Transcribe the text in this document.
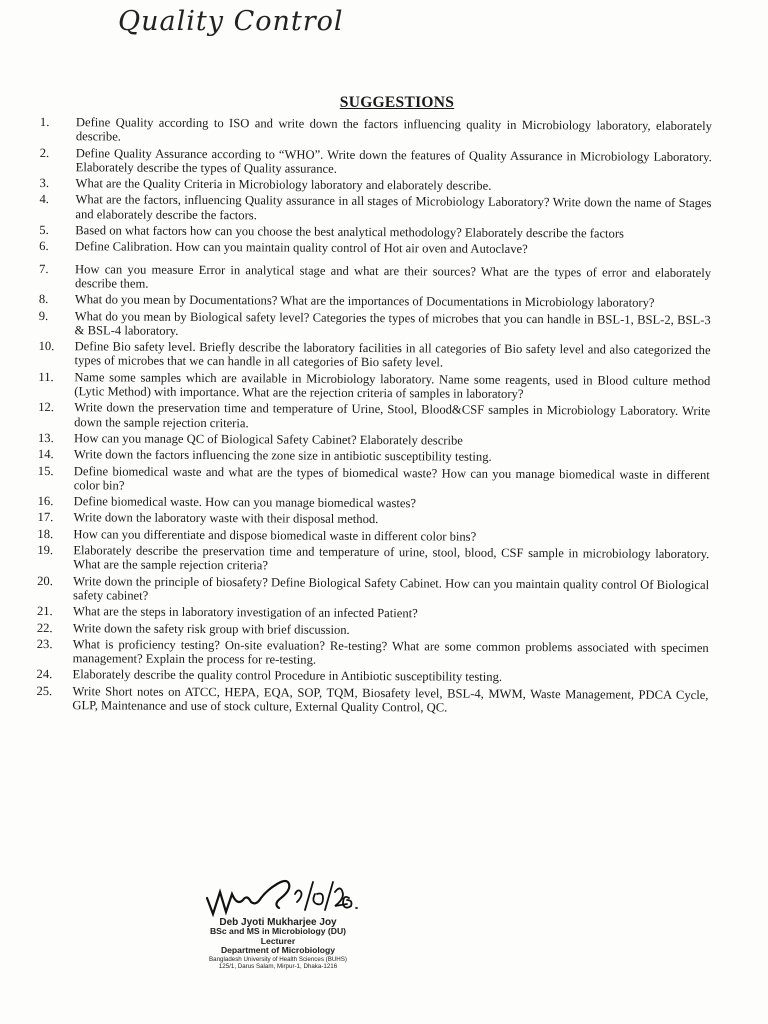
Quality Control
SUGGESTIONS
1.	Define Quality according to ISO and write down the factors influencing quality in Microbiology laboratory, elaborately describe.
2.	Define Quality Assurance according to “WHO”. Write down the features of Quality Assurance in Microbiology Laboratory. Elaborately describe the types of Quality assurance.
3.	What are the Quality Criteria in Microbiology laboratory and elaborately describe.
4.	What are the factors, influencing Quality assurance in all stages of Microbiology Laboratory? Write down the name of Stages and elaborately describe the factors.
5.	Based on what factors how can you choose the best analytical methodology? Elaborately describe the factors
6.	Define Calibration. How can you maintain quality control of Hot air oven and Autoclave?
7.	How can you measure Error in analytical stage and what are their sources? What are the types of error and elaborately describe them.
8.	What do you mean by Documentations? What are the importances of Documentations in Microbiology laboratory?
9.	What do you mean by Biological safety level? Categories the types of microbes that you can handle in BSL-1, BSL-2, BSL-3 & BSL-4 laboratory.
10.	Define Bio safety level. Briefly describe the laboratory facilities in all categories of Bio safety level and also categorized the types of microbes that we can handle in all categories of Bio safety level.
11.	Name some samples which are available in Microbiology laboratory. Name some reagents, used in Blood culture method (Lytic Method) with importance. What are the rejection criteria of samples in laboratory?
12.	Write down the preservation time and temperature of Urine, Stool, Blood&CSF samples in Microbiology Laboratory. Write down the sample rejection criteria.
13.	How can you manage QC of Biological Safety Cabinet? Elaborately describe
14.	Write down the factors influencing the zone size in antibiotic susceptibility testing.
15.	Define biomedical waste and what are the types of biomedical waste? How can you manage biomedical waste in different color bin?
16.	Define biomedical waste. How can you manage biomedical wastes?
17.	Write down the laboratory waste with their disposal method.
18.	How can you differentiate and dispose biomedical waste in different color bins?
19.	Elaborately describe the preservation time and temperature of urine, stool, blood, CSF sample in microbiology laboratory. What are the sample rejection criteria?
20.	Write down the principle of biosafety? Define Biological Safety Cabinet. How can you maintain quality control Of Biological safety cabinet?
21.	What are the steps in laboratory investigation of an infected Patient?
22.	Write down the safety risk group with brief discussion.
23.	What is proficiency testing? On-site evaluation? Re-testing? What are some common problems associated with specimen management? Explain the process for re-testing.
24.	Elaborately describe the quality control Procedure in Antibiotic susceptibility testing.
25.	Write Short notes on ATCC, HEPA, EQA, SOP, TQM, Biosafety level, BSL-4, MWM, Waste Management, PDCA Cycle, GLP, Maintenance and use of stock culture, External Quality Control, QC.
Deb Jyoti Mukharjee Joy
BSc and MS in Microbiology (DU)
Lecturer
Department of Microbiology
Bangladesh University of Health Sciences (BUHS)
125/1, Darus Salam, Mirpur-1, Dhaka-1216
